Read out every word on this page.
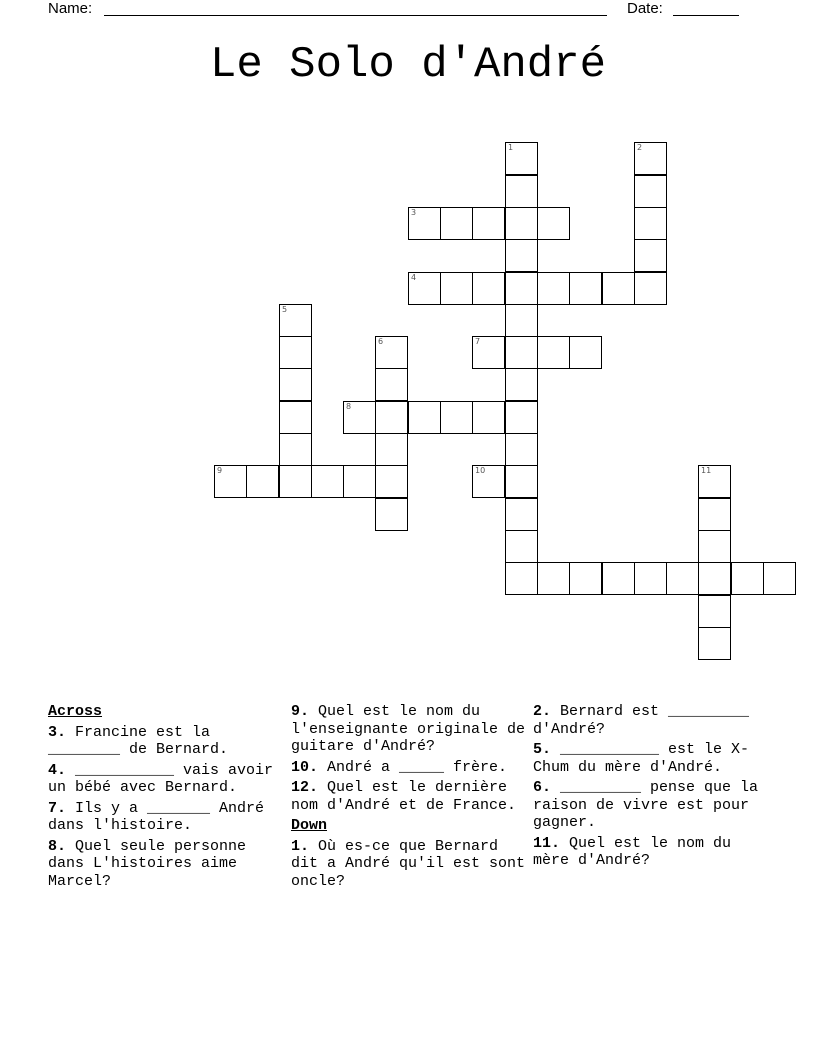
Name:	Date:
Le Solo d'André
1	2
3
4
5
6	7
8
9	10	11
Across

3. Francine est la ________ de Bernard.

4. ___________ vais avoir un bébé avec Bernard.

7. Ils y a _______ André dans l'histoire.

8. Quel seule personne dans L'histoires aime Marcel?

9. Quel est le nom du l'enseignante originale de guitare d'André?

10. André a _____ frère.

12. Quel est le dernière nom d'André et de France.

Down

1. Où es-ce que Bernard dit a André qu'il est sont oncle?

2. Bernard est _________ d'André?

5. ___________ est le X-Chum du mère d'André.

6. _________ pense que la raison de vivre est pour gagner.

11. Quel est le nom du mère d'André?
